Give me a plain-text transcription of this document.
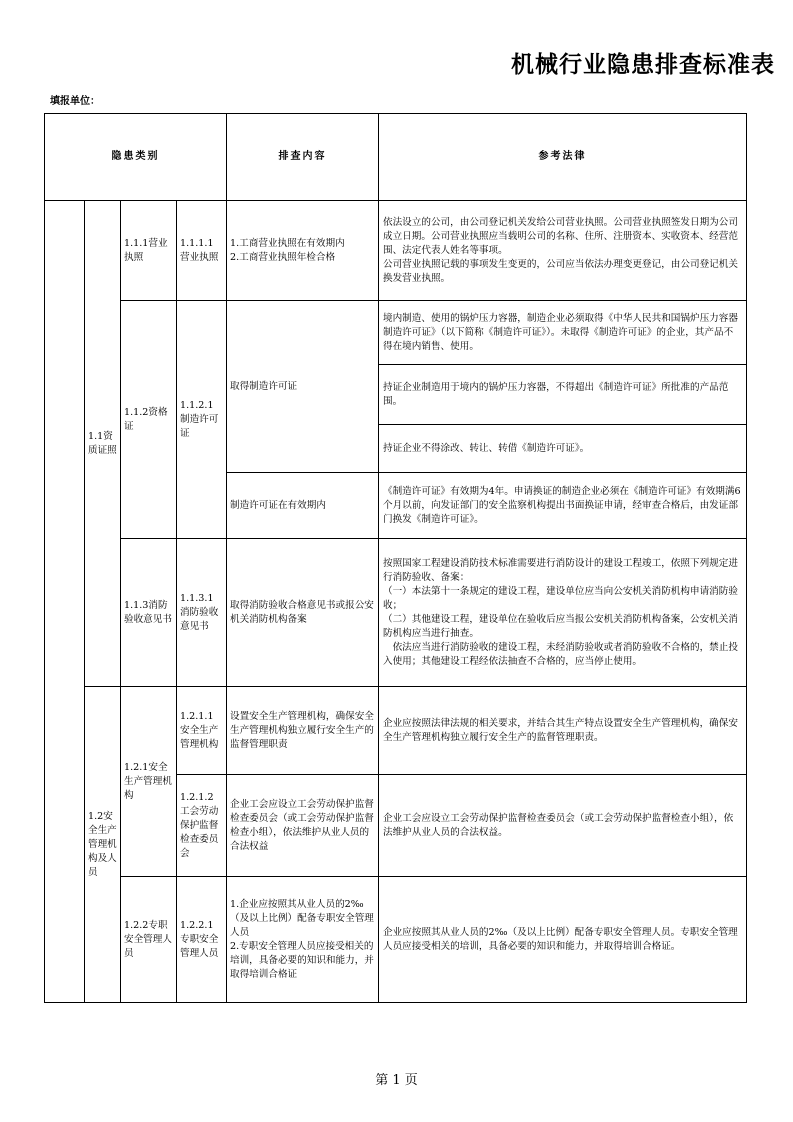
机械行业隐患排查标准表
填报单位：
隐患类别				排查内容	参考法律
	1.1资质证照	1.1.1营业执照	1.1.1.1营业执照	1.工商营业执照在有效期内
2.工商营业执照年检合格	依法设立的公司，由公司登记机关发给公司营业执照。公司营业执照签发日期为公司成立日期。公司营业执照应当载明公司的名称、住所、注册资本、实收资本、经营范围、法定代表人姓名等事项。
公司营业执照记载的事项发生变更的，公司应当依法办理变更登记，由公司登记机关换发营业执照。
		1.1.2资格证	1.1.2.1制造许可证	取得制造许可证	境内制造、使用的锅炉压力容器，制造企业必须取得《中华人民共和国锅炉压力容器制造许可证》（以下简称《制造许可证》）。未取得《制造许可证》的企业，其产品不得在境内销售、使用。
					持证企业制造用于境内的锅炉压力容器，不得超出《制造许可证》所批准的产品范围。
					持证企业不得涂改、转让、转借《制造许可证》。
				制造许可证在有效期内	《制造许可证》有效期为4年。申请换证的制造企业必须在《制造许可证》有效期满6个月以前，向发证部门的安全监察机构提出书面换证申请，经审查合格后，由发证部门换发《制造许可证》。
		1.1.3消防验收意见书	1.1.3.1消防验收意见书	取得消防验收合格意见书或报公安机关消防机构备案	按照国家工程建设消防技术标准需要进行消防设计的建设工程竣工，依照下列规定进行消防验收、备案：
（一）本法第十一条规定的建设工程，建设单位应当向公安机关消防机构申请消防验收；
（二）其他建设工程，建设单位在验收后应当报公安机关消防机构备案，公安机关消防机构应当进行抽查。
　依法应当进行消防验收的建设工程，未经消防验收或者消防验收不合格的，禁止投入使用；其他建设工程经依法抽查不合格的，应当停止使用。
	1.2安全生产管理机构及人员	1.2.1安全生产管理机构	1.2.1.1安全生产管理机构	设置安全生产管理机构，确保安全生产管理机构独立履行安全生产的监督管理职责	企业应按照法律法规的相关要求，并结合其生产特点设置安全生产管理机构，确保安全生产管理机构独立履行安全生产的监督管理职责。
			1.2.1.2工会劳动保护监督检查委员会	企业工会应设立工会劳动保护监督检查委员会（或工会劳动保护监督检查小组），依法维护从业人员的合法权益	企业工会应设立工会劳动保护监督检查委员会（或工会劳动保护监督检查小组），依法维护从业人员的合法权益。
		1.2.2专职安全管理人员	1.2.2.1专职安全管理人员	1.企业应按照其从业人员的2‰（及以上比例）配备专职安全管理人员
2.专职安全管理人员应接受相关的培训，具备必要的知识和能力，并取得培训合格证	企业应按照其从业人员的2‰（及以上比例）配备专职安全管理人员。专职安全管理人员应接受相关的培训，具备必要的知识和能力，并取得培训合格证。
第 1 页
